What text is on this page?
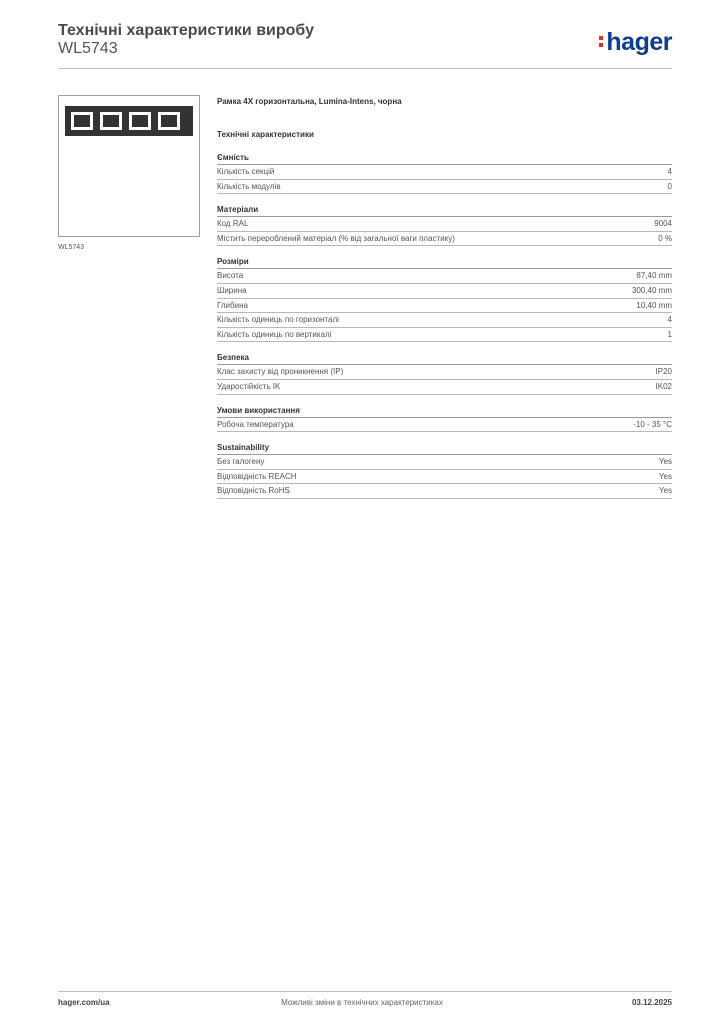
Технічні характеристики виробу
WL5743	hager
WL5743
Рамка 4X горизонтальна, Lumina-Intens, чорна
Технічні характеристики
Ємність
Кількість секцій	4
Кількість модулів	0
Матеріали
Код RAL	9004
Містить перероблений матеріал (% від загальної ваги пластику)	0 %
Розміри
Висота	87,40 mm
Ширина	300,40 mm
Глибина	10,40 mm
Кількість одиниць по горизонталі	4
Кількість одиниць по вертикалі	1
Безпека
Клас захисту від проникнення (IP)	IP20
Ударостійкість IK	IK02
Умови використання
Робоча температура	-10 - 35 °C
Sustainability
Без галогену	Yes
Відповідність REACH	Yes
Відповідність RoHS	Yes
hager.com/ua	Можливі зміни в технічних характеристиках	03.12.2025
